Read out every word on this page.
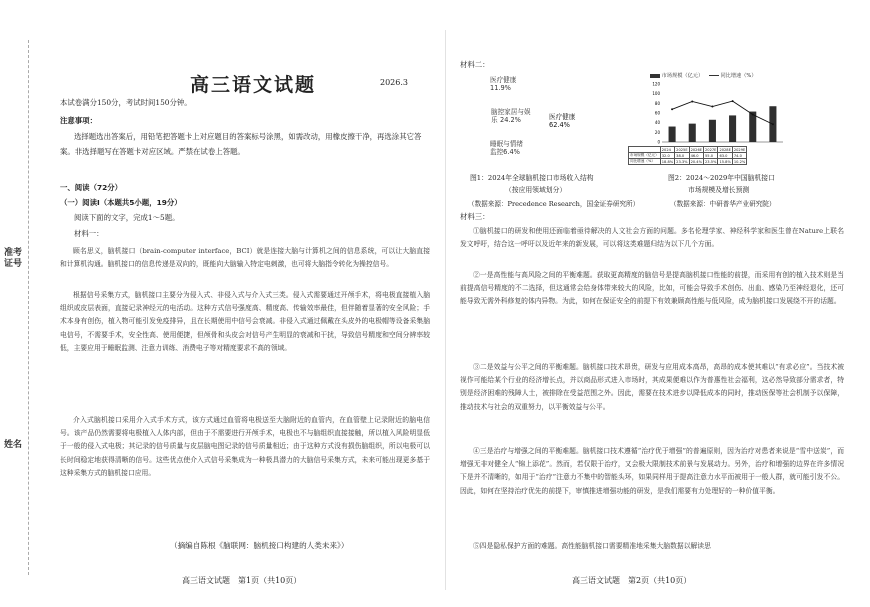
准考证号
姓名
高三语文试题	2026.3
本试卷满分150分，考试时间150分钟。
注意事项：
选择题选出答案后，用铅笔把答题卡上对应题目的答案标号涂黑，如需改动，用橡皮擦干净，再选涂其它答案。非选择题写在答题卡对应区域。严禁在试卷上答题。
一、阅读（72分）
（一）阅读Ⅰ（本题共5小题，19分）
阅读下面的文字，完成1～5题。
材料一：
顾名思义，脑机接口（brain-computer interface，BCI）就是连接大脑与计算机之间的信息系统，可以让大脑直接和计算机沟通。脑机接口的信息传递是双向的，既能向大脑输入特定电刺激，也可将大脑指令转化为操控信号。
根据信号采集方式，脑机接口主要分为侵入式、非侵入式与介入式三类。侵入式需要通过开颅手术，将电极直接植入脑组织或皮层表面，直接记录神经元的电活动。这种方式信号强度高、精度高、传输效率最佳，但伴随着显著的安全风险；手术本身有创伤，植入物可能引发免疫排异，且在长期使用中信号会衰减。非侵入式通过佩戴在头皮外的电极帽等设备采集脑电信号，不需要手术，安全性高、使用便捷，但颅骨和头皮会对信号产生明显的衰减和干扰，导致信号精度和空间分辨率较低，主要应用于睡眠监测、注意力训练、消费电子等对精度要求不高的领域。
介入式脑机接口采用介入式手术方式，该方式通过血管将电极送至大脑附近的血管内，在血管壁上记录附近的脑电信号。该产品仍然需要将电极植入人体内部，但由于不需要进行开颅手术，电极也不与脑组织直接接触，所以植入风险明显低于一般的侵入式电极；其记录的信号质量与皮层脑电图记录的信号质量相近；由于这种方式没有损伤脑组织，所以电极可以长时间稳定地获得清晰的信号。这些优点使介入式信号采集成为一种极具潜力的大脑信号采集方式，未来可能出现更多基于这种采集方式的脑机接口应用。
（摘编自陈根《脑联网：脑机接口构建的人类未来》）
高三语文试题　第1页（共10页）
材料二：
医疗健康
11.9%
脑控家居与娱乐 24.2%
睡眠与情绪监控6.4%
医疗健康62.4%
图1：2024年全球脑机接口市场收入结构
（按应用领域划分）
（数据来源：Precedence Research，国金证券研究所）
市场规模（亿元）	同比增速（%）
0
20
40
60
80
100
120
	2024	2025E	2026E	2027E	2028E	2029E
市场规模（亿元）	32.0	38.0	46.0	55.0	63.0	74.0
同比增速（%）	18.8%	23.3%	20.4%	23.5%	15.8%	10.2%
图2：2024～2029年中国脑机接口
市场规模及增长预测
（数据来源：中研普华产业研究院）
材料三：
①脑机接口的研发和使用还面临着亟待解决的人文社会方面的问题。多名伦理学家、神经科学家和医生曾在Nature上联名发文呼吁，结合这一呼吁以及近年来的新发展，可以将这类难题归结为以下几个方面。
②一是高性能与高风险之间的平衡难题。获取更高精度的脑信号是提高脑机接口性能的前提，而采用有创的植入技术则是当前提高信号精度的不二选择，但这通常会给身体带来较大的风险，比如，可能会导致手术创伤、出血、感染乃至神经退化，还可能导致无需外科修复的体内异物。为此，如何在保证安全的前提下有效兼顾高性能与低风险，成为脑机接口发展绕不开的话题。
③二是效益与公平之间的平衡难题。脑机接口技术昂贵，研发与应用成本高昂，高昂的成本使其难以“有求必应”。当技术被视作可能给某个行业的经济增长点，并以商品形式进入市场时，其成果便难以作为普惠性社会福利，这必然导致部分需求者，特别是经济困难的残障人士，被排除在受益范围之外。因此，需要在技术进步以降低成本的同时，推动医保等社会机制予以保障，推动技术与社会的双重努力，以平衡效益与公平。
④三是治疗与增强之间的平衡难题。脑机接口技术遵循“治疗优于增强”的普遍原则，因为治疗对患者来说是“雪中送炭”，而增强无非对健全人“锦上添花”。然而，若仅限于治疗，又会极大限制技术前景与发展动力。另外，治疗和增强的边界在许多情况下是并不清晰的，如用于“治疗”注意力不集中的智能头环，如果同样用于提高注意力水平而被用于一般人群，就可能引发不公。因此，如何在坚持治疗优先的前提下，审慎推进增强功能的研发，是我们需要有力处理好的一种价值平衡。
⑤四是隐私保护方面的难题。高性能脑机接口需要精准地采集大脑数据以解读思
高三语文试题　第2页（共10页）
